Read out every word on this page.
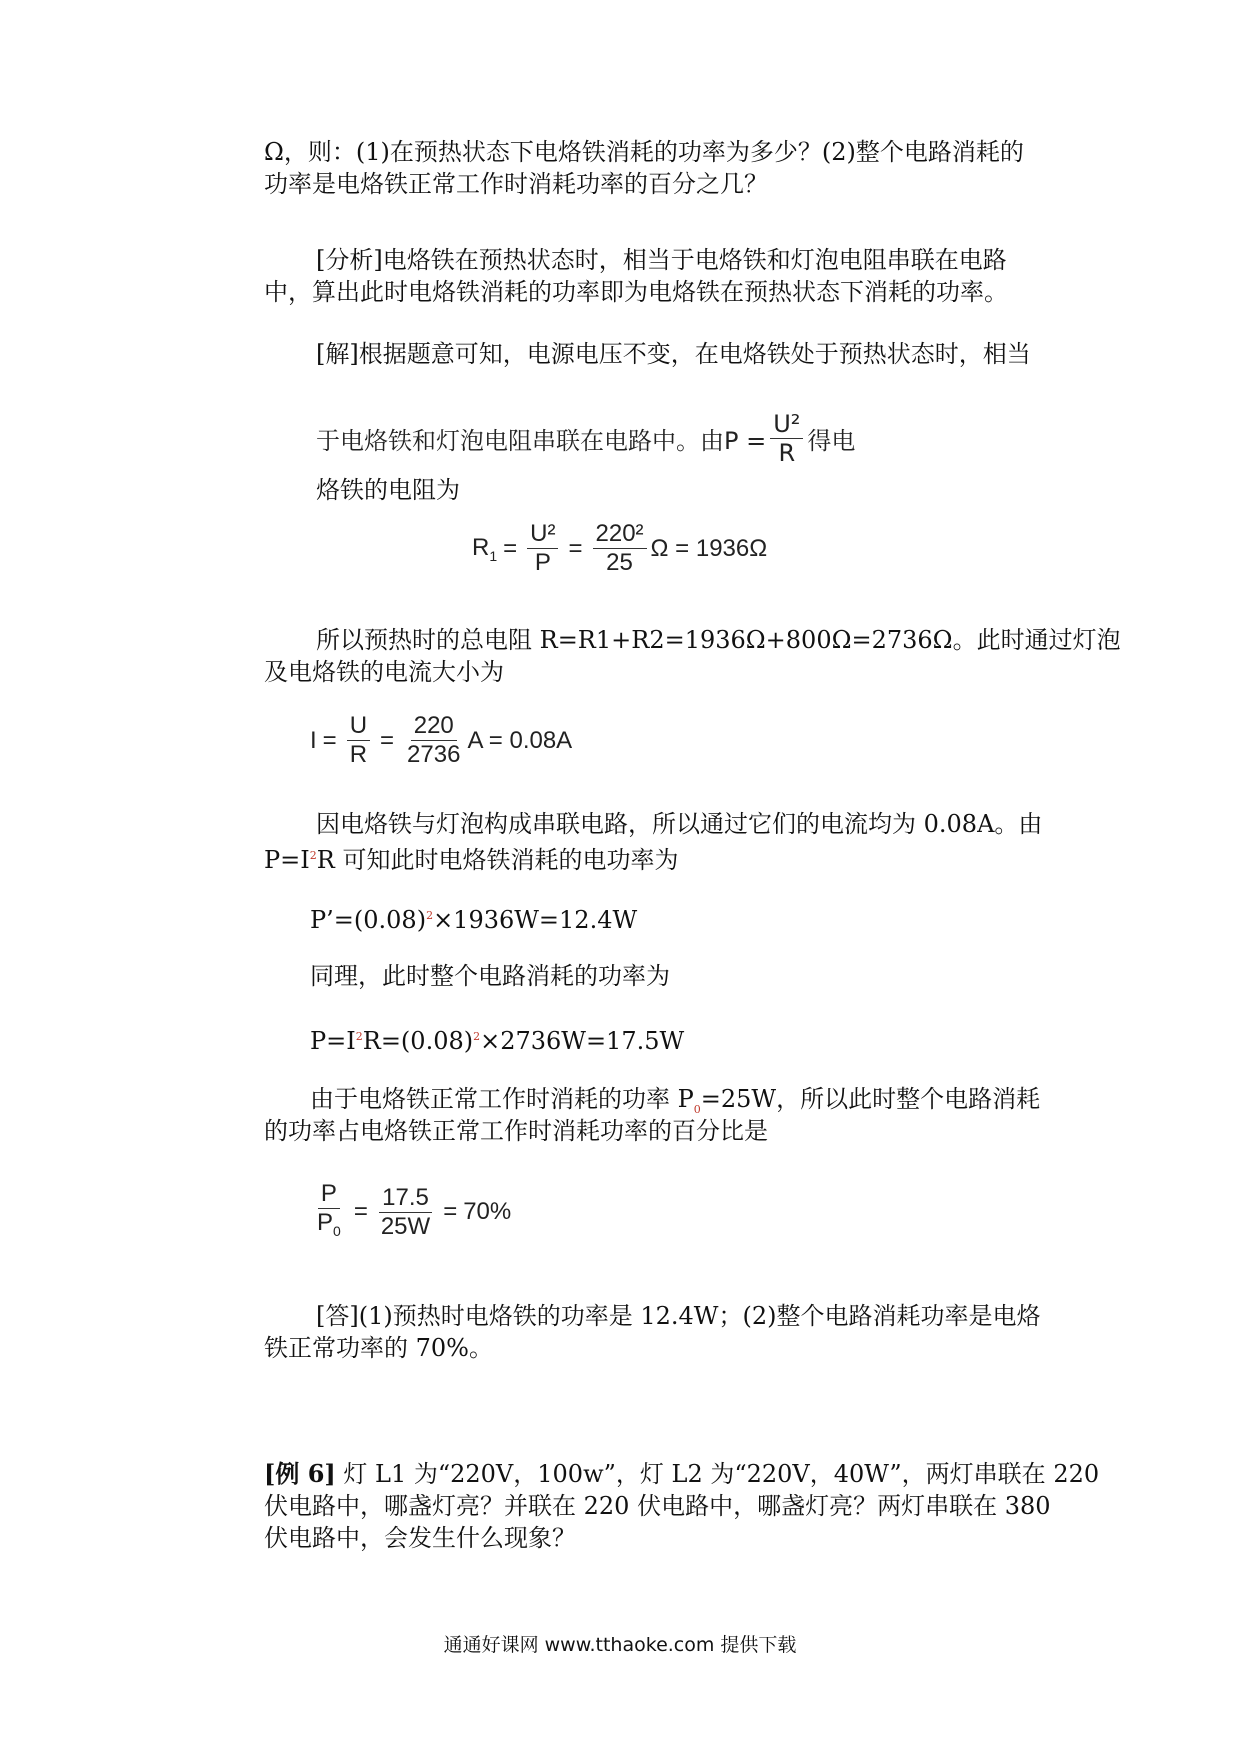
Ω，则：(1)在预热状态下电烙铁消耗的功率为多少？(2)整个电路消耗的
功率是电烙铁正常工作时消耗功率的百分之几？
[分析]电烙铁在预热状态时，相当于电烙铁和灯泡电阻串联在电路
中，算出此时电烙铁消耗的功率即为电烙铁在预热状态下消耗的功率。
[解]根据题意可知，电源电压不变，在电烙铁处于预热状态时，相当
于电烙铁和灯泡电阻串联在电路中。由$P = \frac{\text{U²}}{R}$ 得电
烙铁的电阻为
$R_1 = \frac{\text{U²}}{P} = \frac{\text{220²}}{25}$ Ω = 1936Ω
所以预热时的总电阻 R=R1+R2=1936Ω+800Ω=2736Ω。此时通过灯泡
及电烙铁的电流大小为
$I = \frac{U}{R} = \frac{220}{2736}$ A = 0.08A
因电烙铁与灯泡构成串联电路，所以通过它们的电流均为 0.08A。由
$P=I^2R$ 可知此时电烙铁消耗的电功率为
$P’=(0.08)^2\times 1936W=12.4W$
同理，此时整个电路消耗的功率为
$P=I^2R=(0.08)^2\times 2736W=17.5W$
由于电烙铁正常工作时消耗的功率 $P_0=25W$，所以此时整个电路消耗
的功率占电烙铁正常工作时消耗功率的百分比是
$\frac{P}{P_0} = \frac{17.5}{25W} = 70\%$
[答](1)预热时电烙铁的功率是 12.4W；(2)整个电路消耗功率是电烙
铁正常功率的 70%。
[例 6] 灯 L1 为“220V，100w”，灯 L2 为“220V，40W”，两灯串联在 220
伏电路中，哪盏灯亮？并联在 220 伏电路中，哪盏灯亮？两灯串联在 380
伏电路中，会发生什么现象？
通通好课网 www.tthaoke.com 提供下载
